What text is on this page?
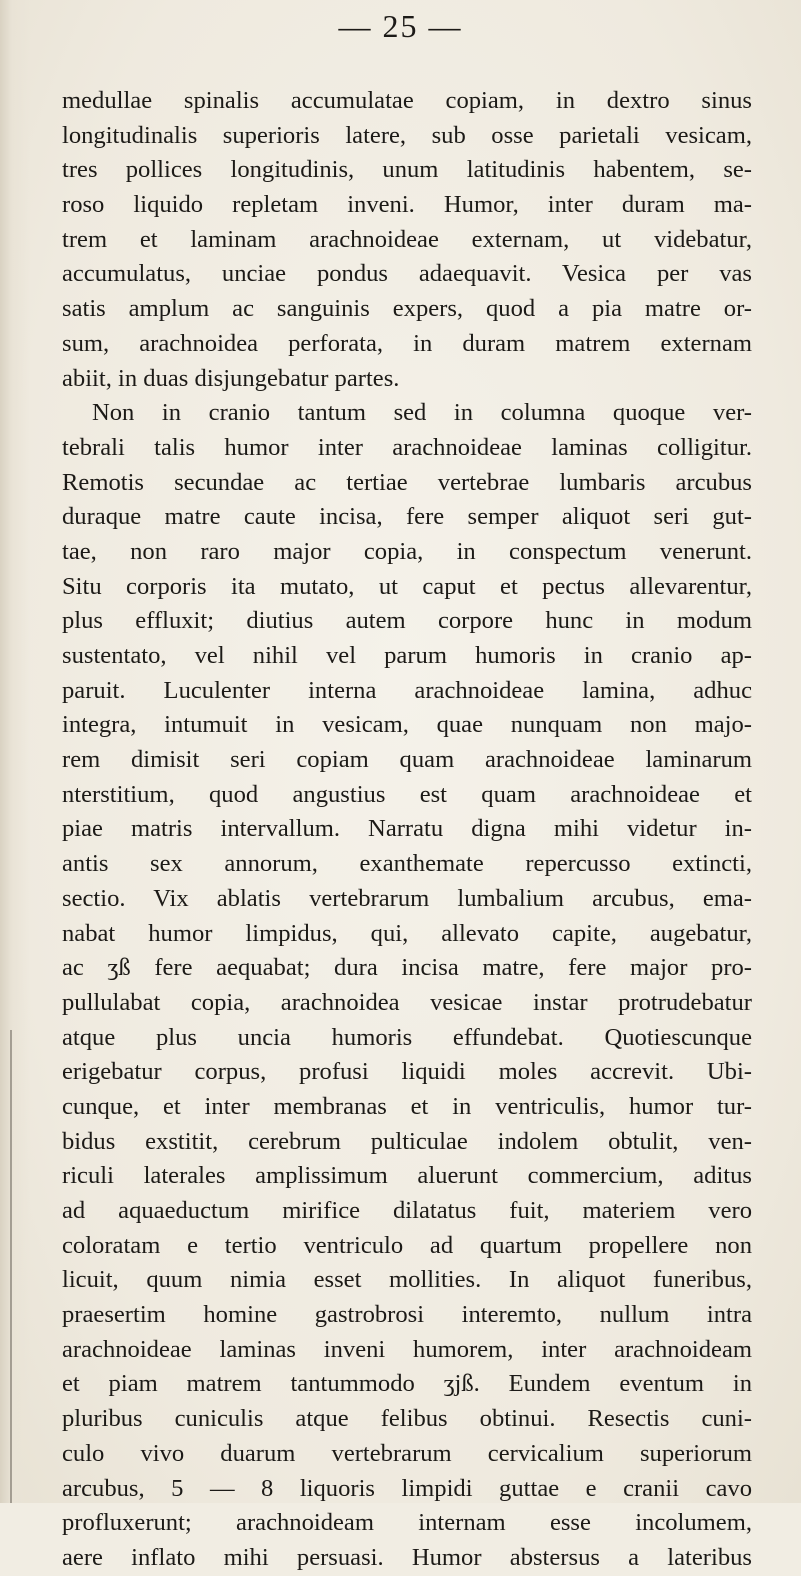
— 25 —
medullae spinalis accumulatae copiam, in dextro sinus
longitudinalis superioris latere, sub osse parietali vesicam,
tres pollices longitudinis, unum latitudinis habentem, se-
roso liquido repletam inveni. Humor, inter duram ma-
trem et laminam arachnoideae externam, ut videbatur,
accumulatus, unciae pondus adaequavit. Vesica per vas
satis amplum ac sanguinis expers, quod a pia matre or-
sum, arachnoidea perforata, in duram matrem externam
abiit, in duas disjungebatur partes.
Non in cranio tantum sed in columna quoque ver-
tebrali talis humor inter arachnoideae laminas colligitur.
Remotis secundae ac tertiae vertebrae lumbaris arcubus
duraque matre caute incisa, fere semper aliquot seri gut-
tae, non raro major copia, in conspectum venerunt.
Situ corporis ita mutato, ut caput et pectus allevarentur,
plus effluxit; diutius autem corpore hunc in modum
sustentato, vel nihil vel parum humoris in cranio ap-
paruit. Luculenter interna arachnoideae lamina, adhuc
integra, intumuit in vesicam, quae nunquam non majo-
rem dimisit seri copiam quam arachnoideae laminarum
nterstitium, quod angustius est quam arachnoideae et
piae matris intervallum. Narratu digna mihi videtur in-
antis sex annorum, exanthemate repercusso extincti,
sectio. Vix ablatis vertebrarum lumbalium arcubus, ema-
nabat humor limpidus, qui, allevato capite, augebatur,
ac ʒß fere aequabat; dura incisa matre, fere major pro-
pullulabat copia, arachnoidea vesicae instar protrudebatur
atque plus uncia humoris effundebat. Quotiescunque
erigebatur corpus, profusi liquidi moles accrevit. Ubi-
cunque, et inter membranas et in ventriculis, humor tur-
bidus exstitit, cerebrum pulticulae indolem obtulit, ven-
riculi laterales amplissimum aluerunt commercium, aditus
ad aquaeductum mirifice dilatatus fuit, materiem vero
coloratam e tertio ventriculo ad quartum propellere non
licuit, quum nimia esset mollities. In aliquot funeribus,
praesertim homine gastrobrosi interemto, nullum intra
arachnoideae laminas inveni humorem, inter arachnoideam
et piam matrem tantummodo ʒjß. Eundem eventum in
pluribus cuniculis atque felibus obtinui. Resectis cuni-
culo vivo duarum vertebrarum cervicalium superiorum
arcubus, 5 — 8 liquoris limpidi guttae e cranii cavo
profluxerunt; arachnoideam internam esse incolumem,
aere inflato mihi persuasi. Humor abstersus a lateribus
